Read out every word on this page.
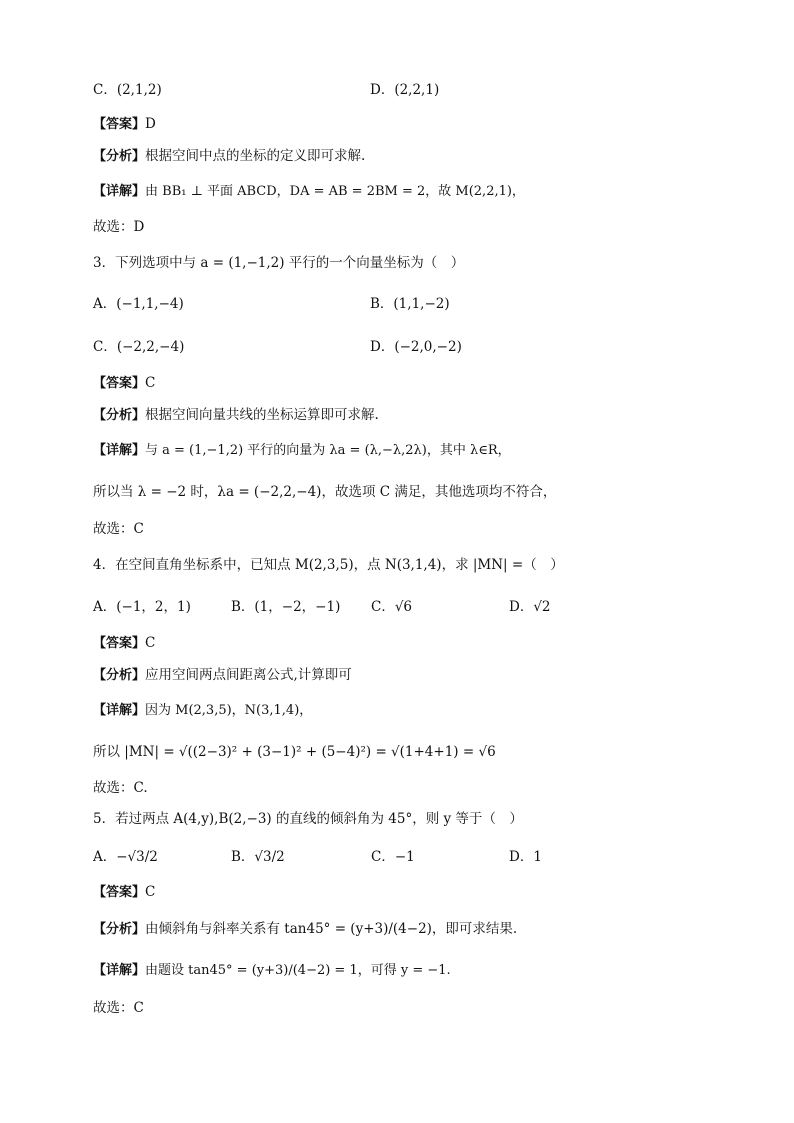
C．(2,1,2)	D．(2,2,1)
【答案】D
【分析】根据空间中点的坐标的定义即可求解.
【详解】由 BB₁ ⊥ 平面 ABCD，DA = AB = 2BM = 2，故 M(2,2,1)，
故选：D
3．下列选项中与 a = (1,−1,2) 平行的一个向量坐标为（　）
A．(−1,1,−4)	B．(1,1,−2)
C．(−2,2,−4)	D．(−2,0,−2)
【答案】C
【分析】根据空间向量共线的坐标运算即可求解.
【详解】与 a = (1,−1,2) 平行的向量为 λa = (λ,−λ,2λ)，其中 λ∈R，
所以当 λ = −2 时，λa = (−2,2,−4)，故选项 C 满足，其他选项均不符合，
故选：C
4．在空间直角坐标系中，已知点 M(2,3,5)，点 N(3,1,4)，求 |MN| =（　）
A．(−1，2，1)	B．(1，−2，−1) C．√6	D．√2
【答案】C
【分析】应用空间两点间距离公式,计算即可
【详解】因为 M(2,3,5)，N(3,1,4)，
所以 |MN| = √((2−3)² + (3−1)² + (5−4)²) = √(1+4+1) = √6
故选：C.
5．若过两点 A(4,y),B(2,−3) 的直线的倾斜角为 45°，则 y 等于（　）
A．−√3/2	B．√3/2	C．−1	D．1
【答案】C
【分析】由倾斜角与斜率关系有 tan45° = (y+3)/(4−2)，即可求结果.
【详解】由题设 tan45° = (y+3)/(4−2) = 1，可得 y = −1.
故选：C
